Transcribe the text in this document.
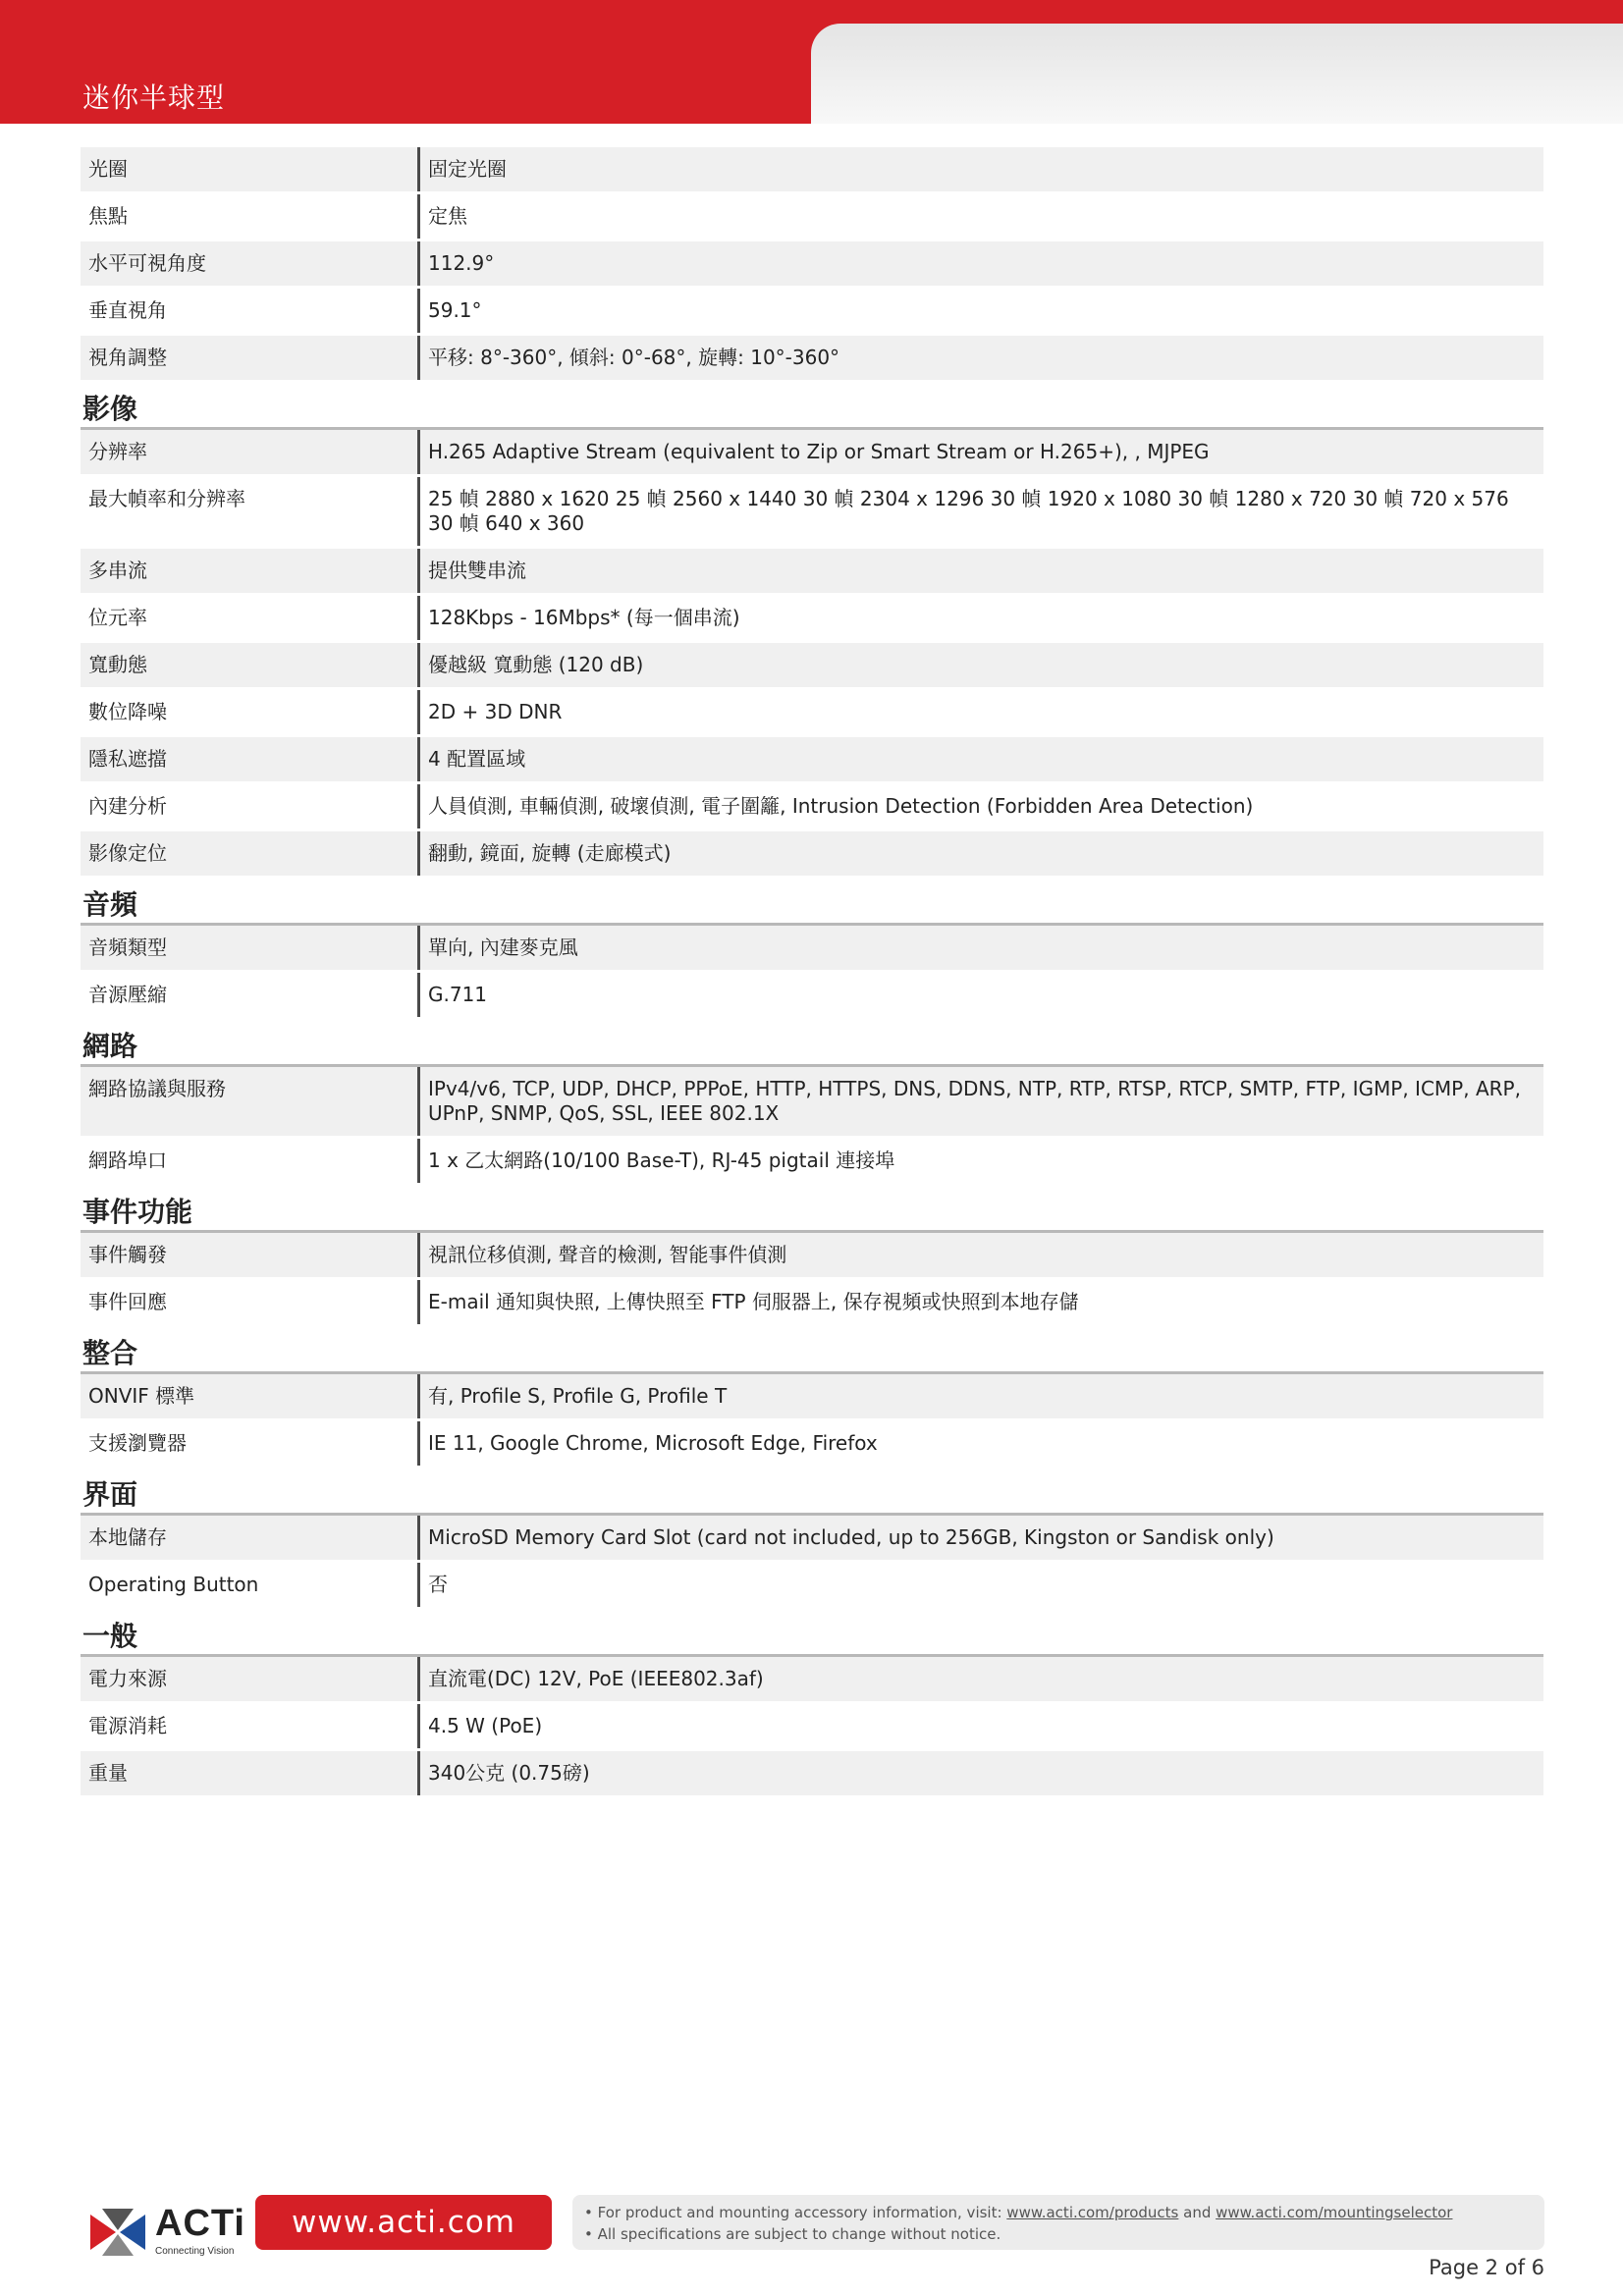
迷你半球型
光圈	固定光圈
焦點	定焦
水平可視角度	112.9°
垂直視角	59.1°
視角調整	平移: 8°-360°, 傾斜: 0°-68°, 旋轉: 10°-360°
影像
分辨率	H.265 Adaptive Stream (equivalent to Zip or Smart Stream or H.265+), , MJPEG
最大幀率和分辨率	25 幀 2880 x 1620 25 幀 2560 x 1440 30 幀 2304 x 1296 30 幀 1920 x 1080 30 幀 1280 x 720 30 幀 720 x 576 30 幀 640 x 360
多串流	提供雙串流
位元率	128Kbps - 16Mbps* (每一個串流)
寬動態	優越級 寬動態 (120 dB)
數位降噪	2D + 3D DNR
隱私遮擋	4 配置區域
內建分析	人員偵測, 車輛偵測, 破壞偵測, 電子圍籬, Intrusion Detection (Forbidden Area Detection)
影像定位	翻動, 鏡面, 旋轉 (走廊模式)
音頻
音頻類型	單向, 內建麥克風
音源壓縮	G.711
網路
網路協議與服務	IPv4/v6, TCP, UDP, DHCP, PPPoE, HTTP, HTTPS, DNS, DDNS, NTP, RTP, RTSP, RTCP, SMTP, FTP, IGMP, ICMP, ARP, UPnP, SNMP, QoS, SSL, IEEE 802.1X
網路埠口	1 x 乙太網路(10/100 Base-T), RJ-45 pigtail 連接埠
事件功能
事件觸發	視訊位移偵測, 聲音的檢測, 智能事件偵測
事件回應	E-mail 通知與快照, 上傳快照至 FTP 伺服器上, 保存視頻或快照到本地存儲
整合
ONVIF 標準	有, Profile S, Profile G, Profile T
支援瀏覽器	IE 11, Google Chrome, Microsoft Edge, Firefox
界面
本地儲存	MicroSD Memory Card Slot (card not included, up to 256GB, Kingston or Sandisk only)
Operating Button	否
一般
電力來源	直流電(DC) 12V, PoE (IEEE802.3af)
電源消耗	4.5 W (PoE)
重量	340公克 (0.75磅)
ACTi
Connecting Vision
www.acti.com	• For product and mounting accessory information, visit: www.acti.com/products and www.acti.com/mountingselector
• All specifications are subject to change without notice.
Page 2 of 6
